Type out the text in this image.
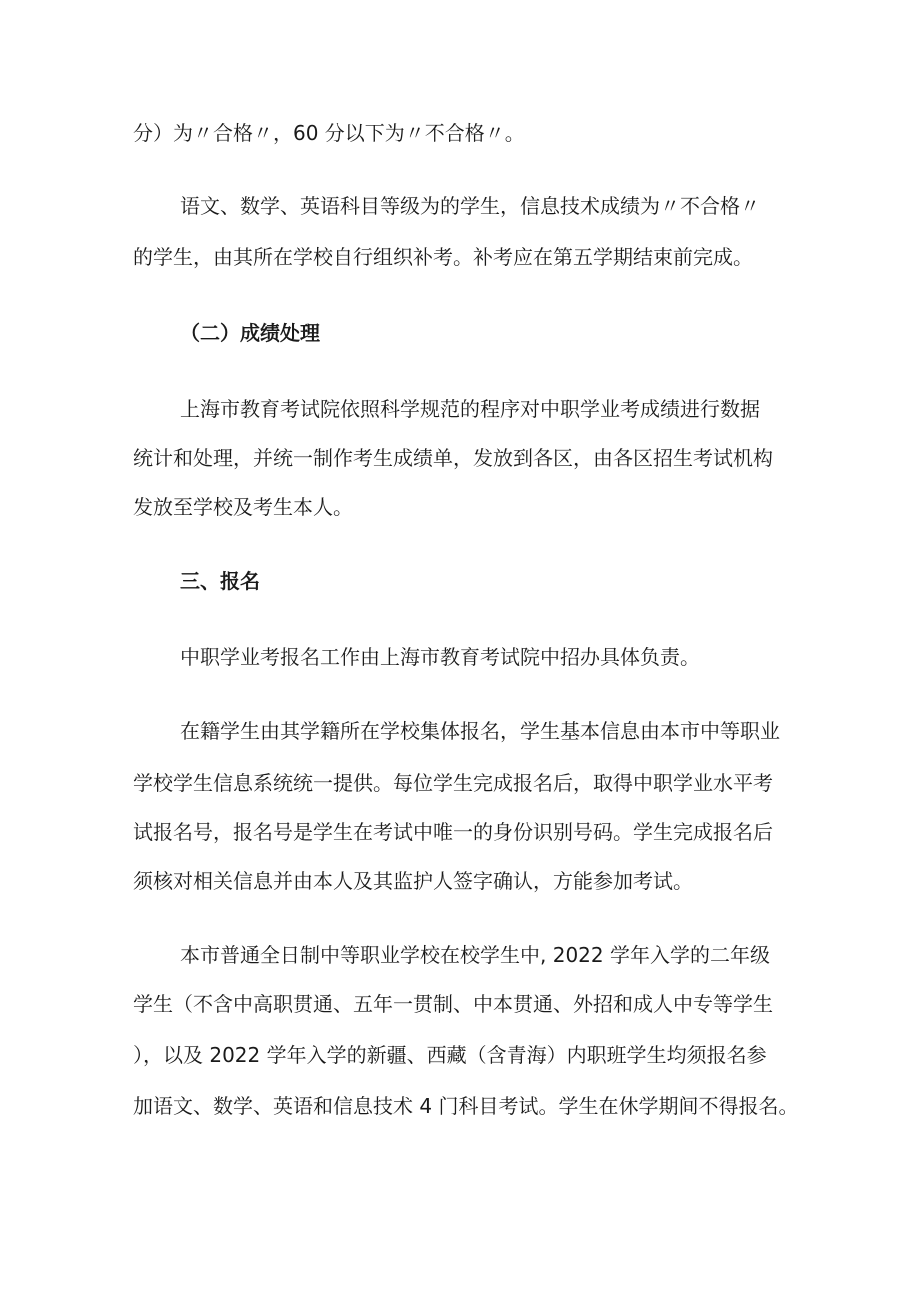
分）为〃合格〃，60 分以下为〃不合格〃。
语文、数学、英语科目等级为的学生，信息技术成绩为〃不合格〃
的学生，由其所在学校自行组织补考。补考应在第五学期结束前完成。
（二）成绩处理
上海市教育考试院依照科学规范的程序对中职学业考成绩进行数据
统计和处理，并统一制作考生成绩单，发放到各区，由各区招生考试机构
发放至学校及考生本人。
三、报名
中职学业考报名工作由上海市教育考试院中招办具体负责。
在籍学生由其学籍所在学校集体报名，学生基本信息由本市中等职业
学校学生信息系统统一提供。每位学生完成报名后，取得中职学业水平考
试报名号，报名号是学生在考试中唯一的身份识别号码。学生完成报名后
须核对相关信息并由本人及其监护人签字确认，方能参加考试。
本市普通全日制中等职业学校在校学生中, 2022 学年入学的二年级
学生（不含中高职贯通、五年一贯制、中本贯通、外招和成人中专等学生
），以及 2022 学年入学的新疆、西藏（含青海）内职班学生均须报名参
加语文、数学、英语和信息技术 4 门科目考试。学生在休学期间不得报名。
